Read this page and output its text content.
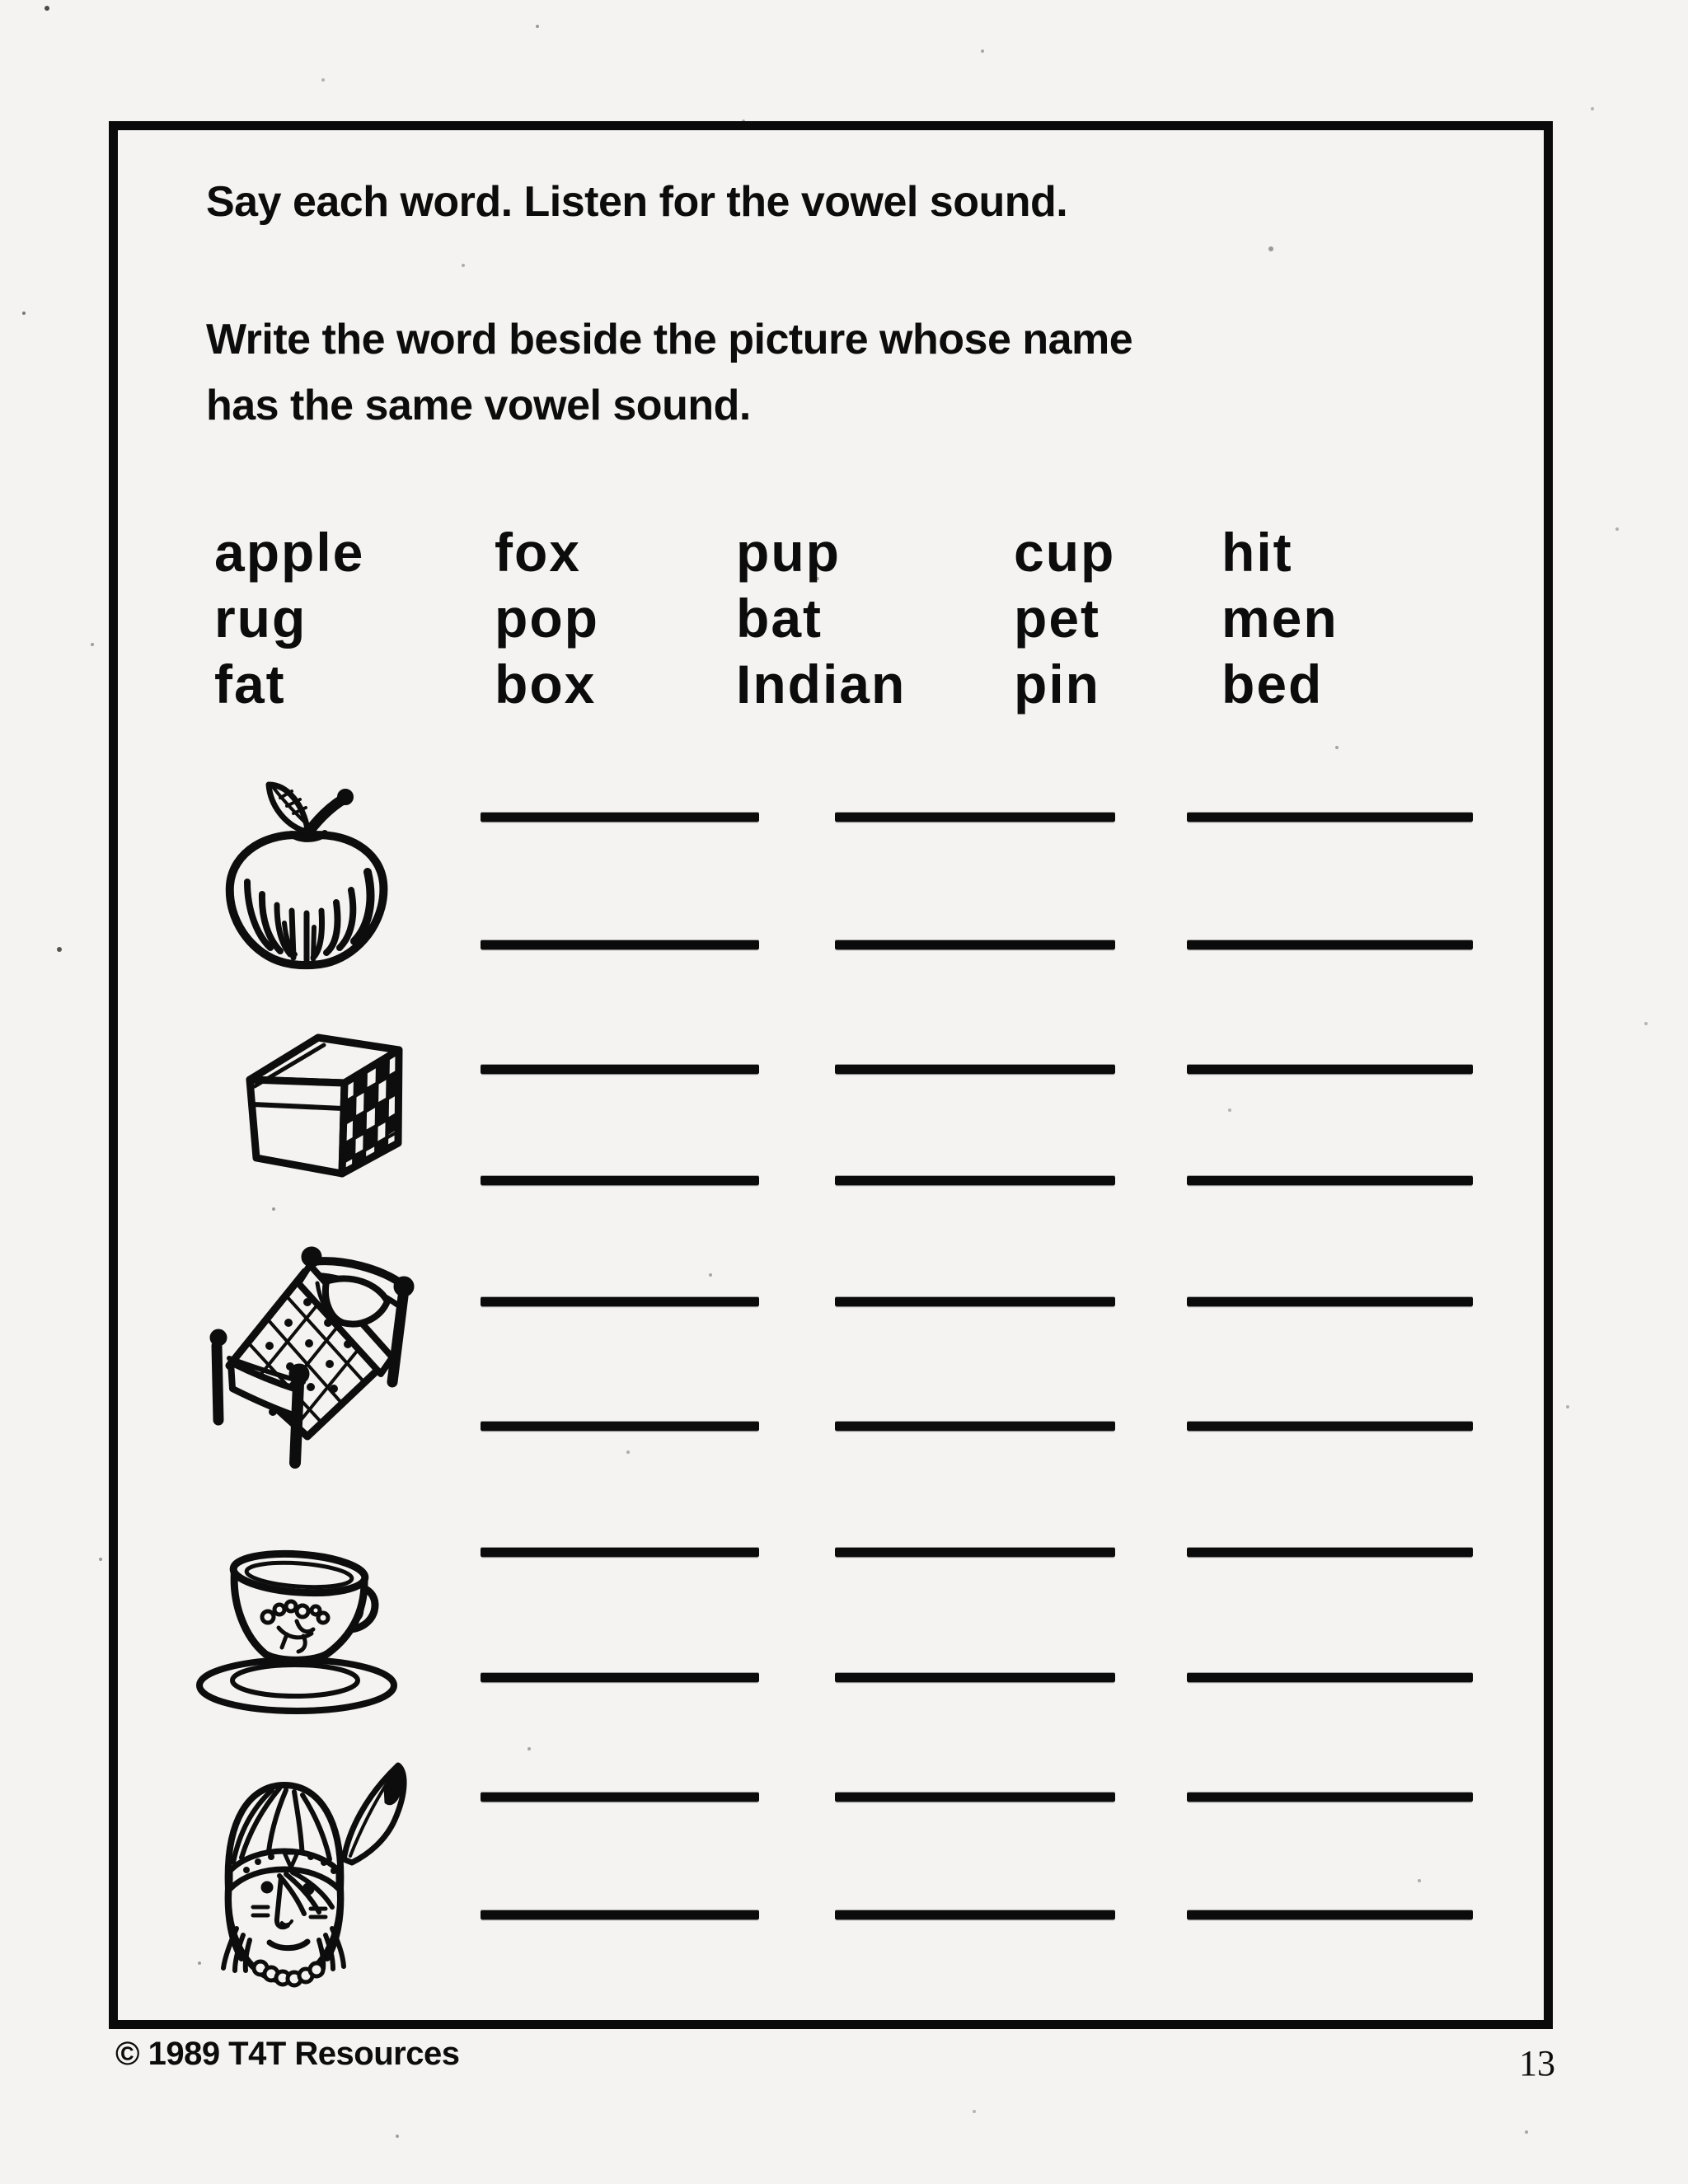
Say each word. Listen for the vowel sound.
Write the word beside the picture whose name
has the same vowel sound.
apple
rug
fat
fox
pop
box
pup
bat
Indian
cup
pet
pin
hit
men
bed
© 1989 T4T Resources	13
